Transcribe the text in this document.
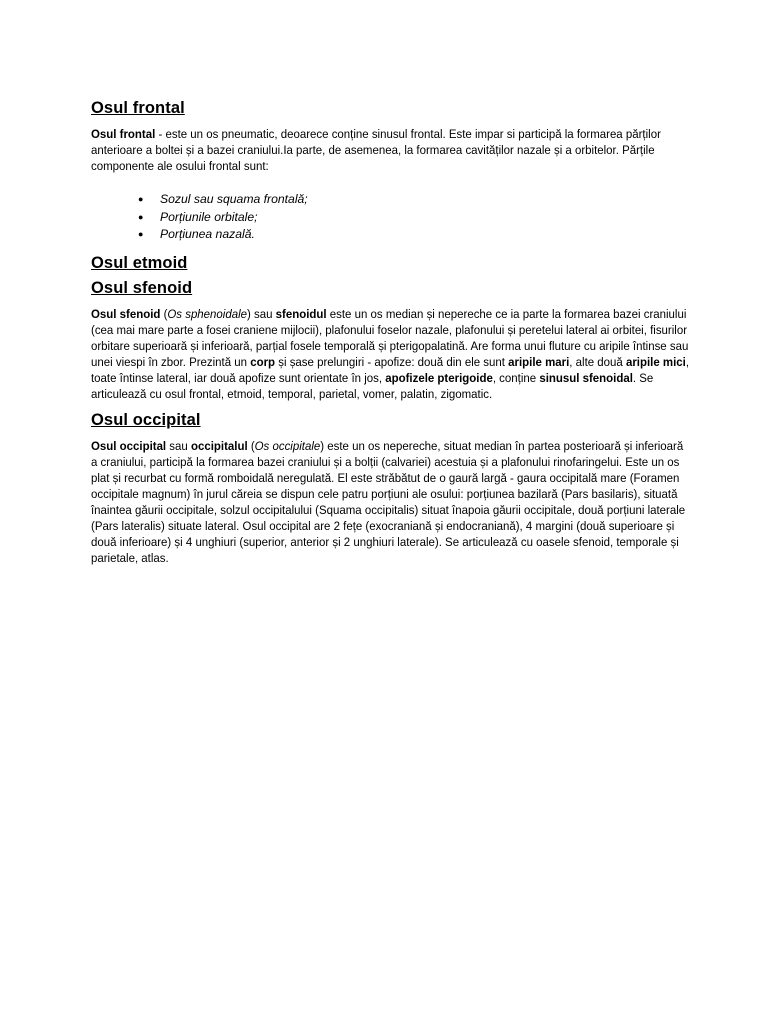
Osul frontal

Osul frontal - este un os pneumatic, deoarece conține sinusul frontal. Este impar si participă la formarea părților anterioare a boltei și a bazei craniului.Ia parte, de asemenea, la formarea cavităților nazale și a orbitelor. Părțile componente ale osului frontal sunt:

● Sozul sau squama frontală;
● Porțiunile orbitale;
● Porțiunea nazală.
Osul etmoid
Osul sfenoid

Osul sfenoid (Os sphenoidale) sau sfenoidul este un os median și nepereche ce ia parte la formarea bazei craniului (cea mai mare parte a fosei craniene mijlocii), plafonului foselor nazale, plafonului și peretelui lateral ai orbitei, fisurilor orbitare superioară și inferioară, parțial fosele temporală și pterigopalatină. Are forma unui fluture cu aripile întinse sau unei viespi în zbor. Prezintă un corp și șase prelungiri - apofize: două din ele sunt aripile mari, alte două aripile mici, toate întinse lateral, iar două apofize sunt orientate în jos, apofizele pterigoide, conține sinusul sfenoidal. Se articulează cu osul frontal, etmoid, temporal, parietal, vomer, palatin, zigomatic.

Osul occipital

Osul occipital sau occipitalul (Os occipitale) este un os nepereche, situat median în partea posterioară și inferioară a craniului, participă la formarea bazei craniului și a bolții (calvariei) acestuia și a plafonului rinofaringelui. Este un os plat și recurbat cu formă romboidală neregulată. El este străbătut de o gaură largă - gaura occipitală mare (Foramen occipitale magnum) în jurul căreia se dispun cele patru porțiuni ale osului: porțiunea bazilară (Pars basilaris), situată înaintea găurii occipitale, solzul occipitalului (Squama occipitalis) situat înapoia găurii occipitale, două porțiuni laterale (Pars lateralis) situate lateral. Osul occipital are 2 fețe (exocraniană și endocraniană), 4 margini (două superioare și două inferioare) și 4 unghiuri (superior, anterior și 2 unghiuri laterale). Se articulează cu oasele sfenoid, temporale și parietale, atlas.
